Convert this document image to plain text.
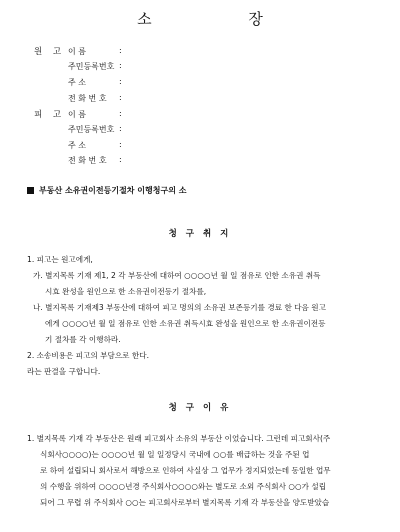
소 장
원 고 이 름	:
주민등록번호 :
주 소	:
전 화 번 호 :
피 고 이 름	:
주민등록번호 :
주 소	:
전 화 번 호 :
부동산 소유권이전등기절차 이행청구의 소
청 구 취 지
1. 피고는 원고에게,
가. 별지목록 기재 제1, 2 각 부동산에 대하여 ○○○○년 월 일 점유로 인한 소유권 취득
시효 완성을 원인으로 한 소유권이전등기 절차를,
나. 별지목록 기재제3 부동산에 대하여 피고 명의의 소유권 보존등기를 경료 한 다음 원고
에게 ○○○○년 월 일 점유로 인한 소유권 취득시효 완성을 원인으로 한 소유권이전등
기 절차를 각 이행하라.
2. 소송비용은 피고의 부담으로 한다.
라는 판결을 구합니다.
청 구 이 유
1. 별지목록 기재 각 부동산은 원래 피고회사 소유의 부동산 이었습니다. 그런데 피고회사(주
식회사○○○○)는 ○○○○년 월 일 일정당시 국내에 ○○를 배급하는 것을 주된 업
로 하여 설립되니 회사로서 해방으로 인하여 사실상 그 업무가 정지되었는데 동일한 업무
의 수행을 위하여 ○○○○년경 주식회사○○○○와는 별도로 소외 주식회사 ○○가 설립
되어 그 무렵 위 주식회사 ○○는 피고회사로부터 별지목록 기재 각 부동산을 양도받았습
